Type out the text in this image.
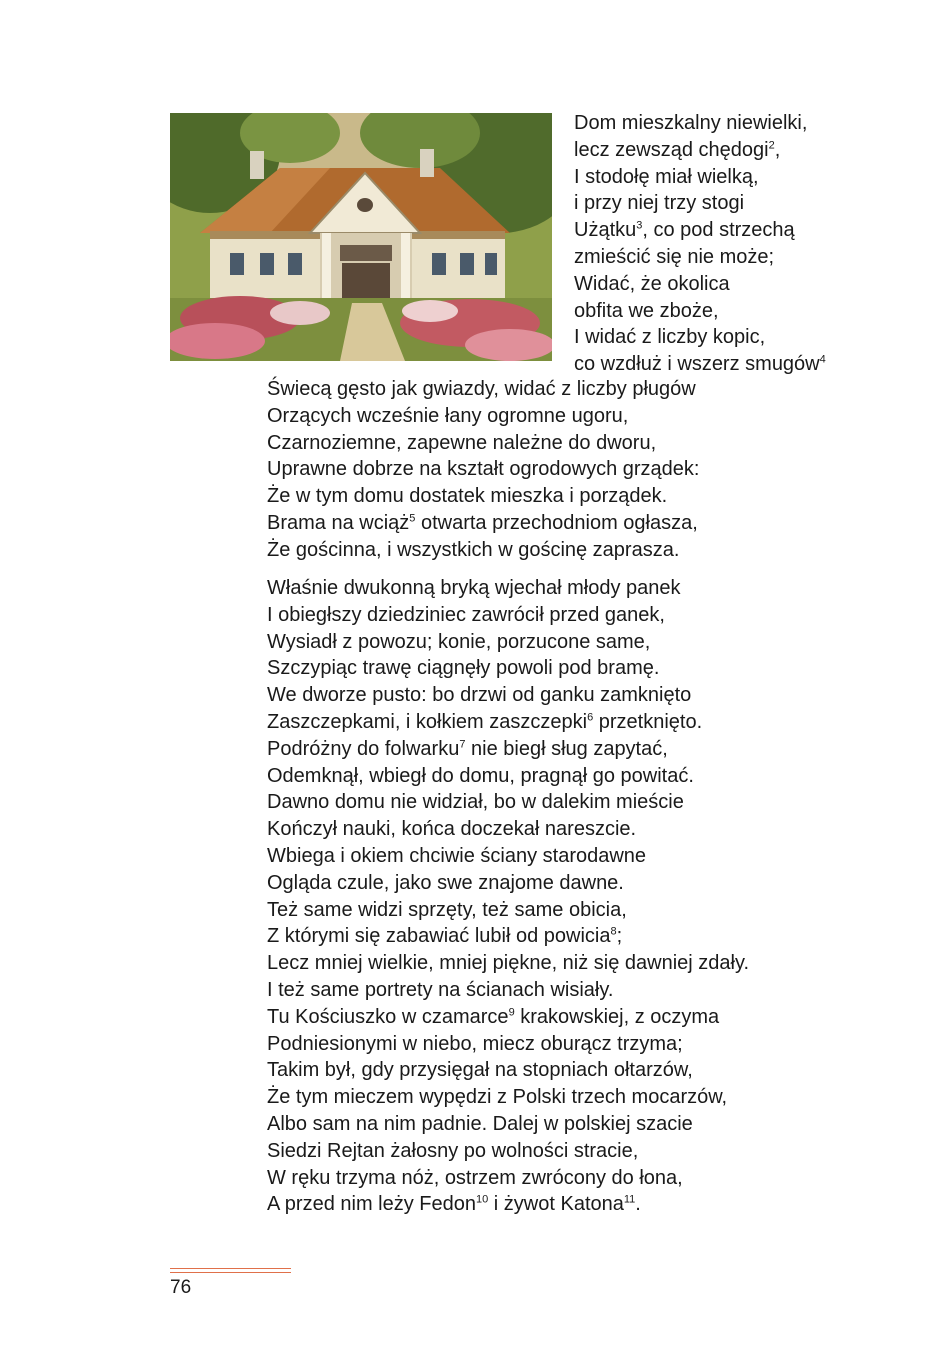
Dom mieszkalny niewielki,
lecz zewsząd chędogi$^2$,
I stodołę miał wielką,
i przy niej trzy stogi
Użątku$^3$, co pod strzechą
zmieścić się nie może;
Widać, że okolica
obfita we zboże,
I widać z liczby kopic,
co wzdłuż i wszerz smugów$^4$
Świecą gęsto jak gwiazdy, widać z liczby pługów
Orzących wcześnie łany ogromne ugoru,
Czarnoziemne, zapewne należne do dworu,
Uprawne dobrze na kształt ogrodowych grządek:
Że w tym domu dostatek mieszka i porządek.
Brama na wciąż$^5$ otwarta przechodniom ogłasza,
Że gościnna, i wszystkich w gościnę zaprasza.
Właśnie dwukonną bryką wjechał młody panek
I obiegłszy dziedziniec zawrócił przed ganek,
Wysiadł z powozu; konie, porzucone same,
Szczypiąc trawę ciągnęły powoli pod bramę.
We dworze pusto: bo drzwi od ganku zamknięto
Zaszczepkami, i kołkiem zaszczepki$^6$ przetknięto.
Podróżny do folwarku$^7$ nie biegł sług zapytać,
Odemknął, wbiegł do domu, pragnął go powitać.
Dawno domu nie widział, bo w dalekim mieście
Kończył nauki, końca doczekał nareszcie.
Wbiega i okiem chciwie ściany starodawne
Ogląda czule, jako swe znajome dawne.
Też same widzi sprzęty, też same obicia,
Z którymi się zabawiać lubił od powicia$^8$;
Lecz mniej wielkie, mniej piękne, niż się dawniej zdały.
I też same portrety na ścianach wisiały.
Tu Kościuszko w czamarce$^9$ krakowskiej, z oczyma
Podniesionymi w niebo, miecz oburącz trzyma;
Takim był, gdy przysięgał na stopniach ołtarzów,
Że tym mieczem wypędzi z Polski trzech mocarzów,
Albo sam na nim padnie. Dalej w polskiej szacie
Siedzi Rejtan żałosny po wolności stracie,
W ręku trzyma nóż, ostrzem zwrócony do łona,
A przed nim leży Fedon$^{10}$ i żywot Katona$^{11}$.
76
